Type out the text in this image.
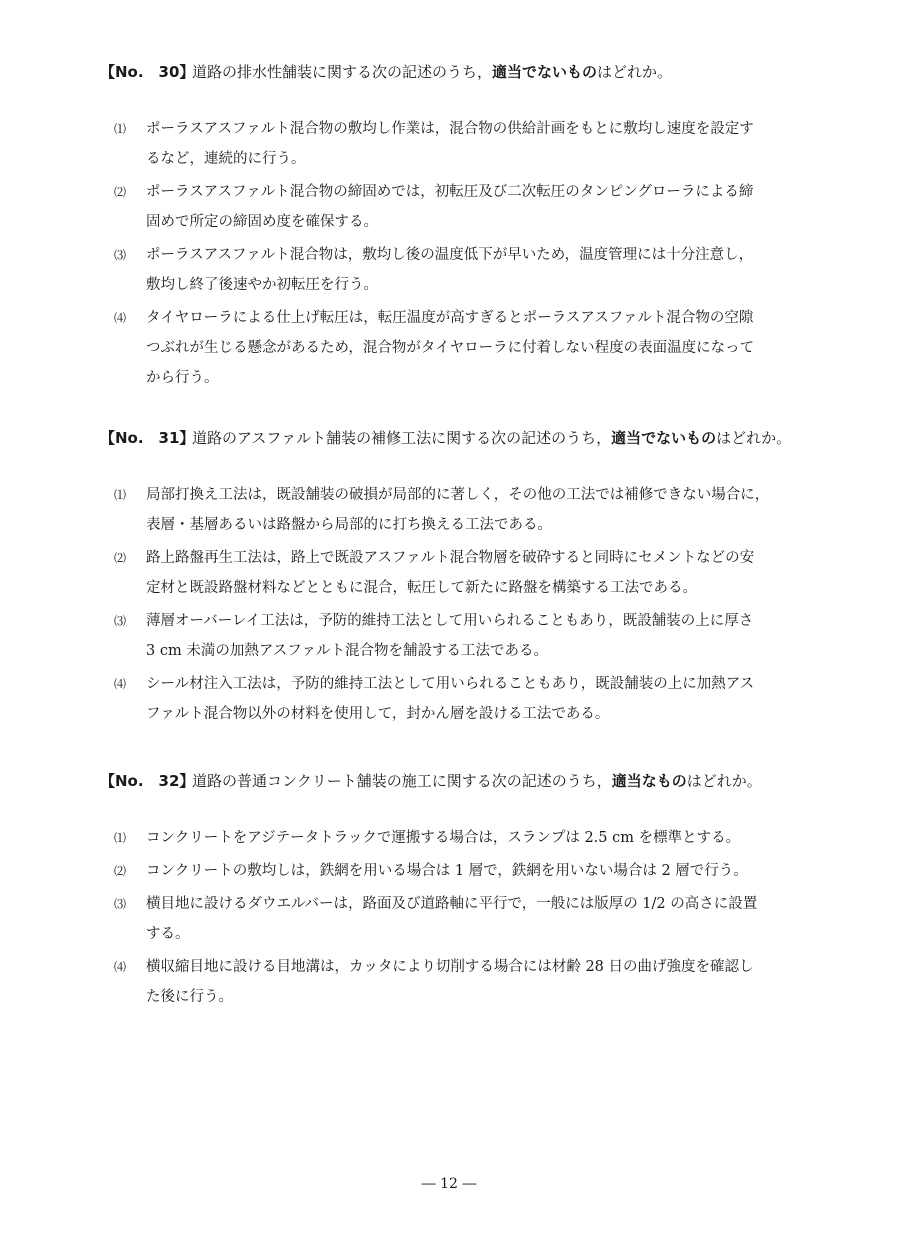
【No.　30】
道路の排水性舗装に関する次の記述のうち，適当でないものはどれか。
⑴ ポーラスアスファルト混合物の敷均し作業は，混合物の供給計画をもとに敷均し速度を設定す
るなど，連続的に行う。
⑵ ポーラスアスファルト混合物の締固めでは，初転圧及び二次転圧のタンピングローラによる締
固めで所定の締固め度を確保する。
⑶ ポーラスアスファルト混合物は，敷均し後の温度低下が早いため，温度管理には十分注意し，
敷均し終了後速やか初転圧を行う。
⑷ タイヤローラによる仕上げ転圧は，転圧温度が高すぎるとポーラスアスファルト混合物の空隙
つぶれが生じる懸念があるため，混合物がタイヤローラに付着しない程度の表面温度になって
から行う。
【No.　31】
道路のアスファルト舗装の補修工法に関する次の記述のうち，適当でないものはどれか。
⑴ 局部打換え工法は，既設舗装の破損が局部的に著しく，その他の工法では補修できない場合に，
表層・基層あるいは路盤から局部的に打ち換える工法である。
⑵ 路上路盤再生工法は，路上で既設アスファルト混合物層を破砕すると同時にセメントなどの安
定材と既設路盤材料などとともに混合，転圧して新たに路盤を構築する工法である。
⑶ 薄層オーバーレイ工法は，予防的維持工法として用いられることもあり，既設舗装の上に厚さ
3 cm 未満の加熱アスファルト混合物を舗設する工法である。
⑷ シール材注入工法は，予防的維持工法として用いられることもあり，既設舗装の上に加熱アス
ファルト混合物以外の材料を使用して，封かん層を設ける工法である。
【No.　32】
道路の普通コンクリート舗装の施工に関する次の記述のうち，適当なものはどれか。
⑴ コンクリートをアジテータトラックで運搬する場合は，スランプは 2.5 cm を標準とする。
⑵ コンクリートの敷均しは，鉄網を用いる場合は 1 層で，鉄網を用いない場合は 2 層で行う。
⑶ 横目地に設けるダウエルバーは，路面及び道路軸に平行で，一般には版厚の 1/2 の高さに設置
する。
⑷ 横収縮目地に設ける目地溝は，カッタにより切削する場合には材齢 28 日の曲げ強度を確認し
た後に行う。
― 12 ―
